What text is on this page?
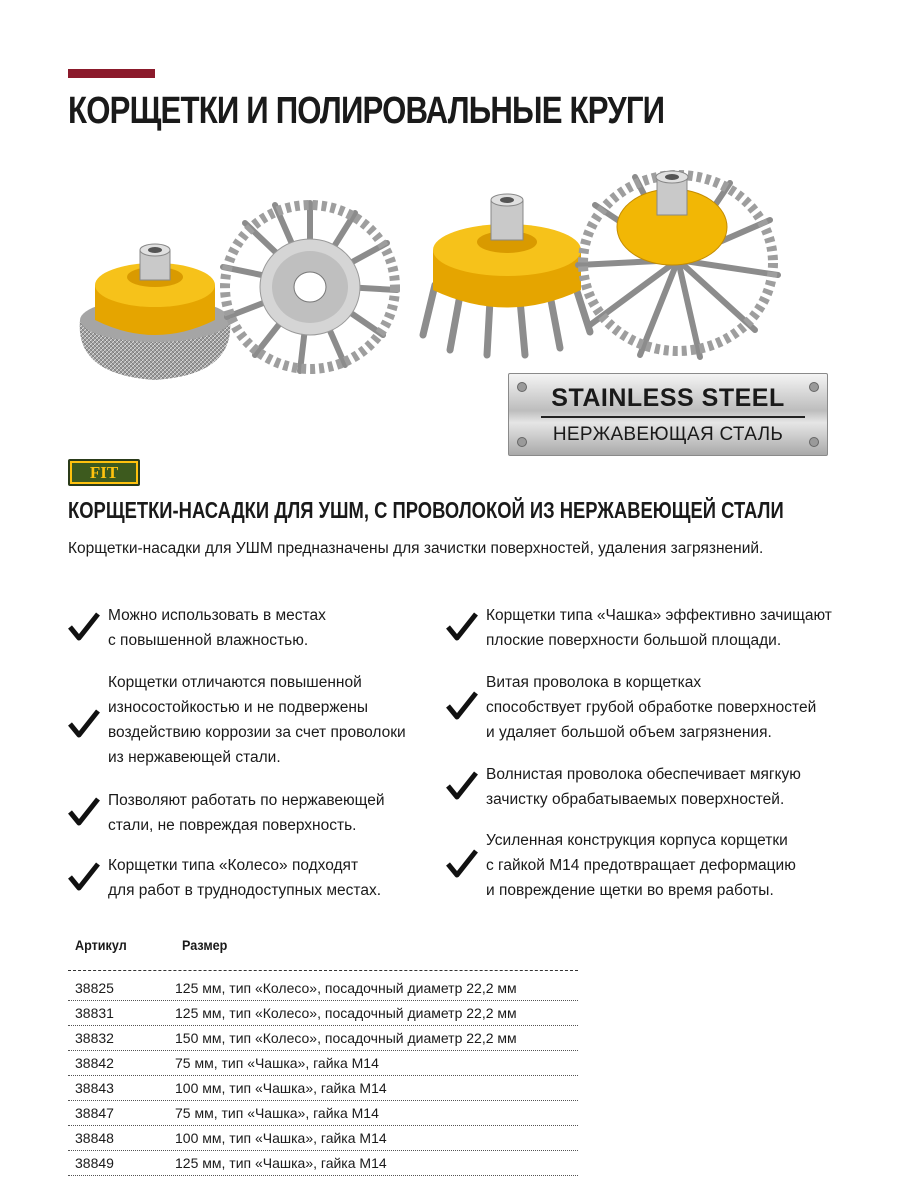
КОРЩЕТКИ И ПОЛИРОВАЛЬНЫЕ КРУГИ
STAINLESS STEEL
НЕРЖАВЕЮЩАЯ СТАЛЬ
FIT
КОРЩЕТКИ-НАСАДКИ ДЛЯ УШМ, С ПРОВОЛОКОЙ ИЗ НЕРЖАВЕЮЩЕЙ СТАЛИ
Корщетки-насадки для УШМ предназначены для зачистки поверхностей, удаления загрязнений.
Можно использовать в местах
с повышенной влажностью.
Корщетки отличаются повышенной
износостойкостью и не подвержены
воздействию коррозии за счет проволоки
из нержавеющей стали.
Позволяют работать по нержавеющей
стали, не повреждая поверхность.
Корщетки типа «Колесо» подходят
для работ в труднодоступных местах.
Корщетки типа «Чашка» эффективно зачищают
плоские поверхности большой площади.
Витая проволока в корщетках
способствует грубой обработке поверхностей
и удаляет большой объем загрязнения.
Волнистая проволока обеспечивает мягкую
зачистку обрабатываемых поверхностей.
Усиленная конструкция корпуса корщетки
с гайкой М14 предотвращает деформацию
и повреждение щетки во время работы.
Артикул	Размер
38825	125 мм, тип «Колесо», посадочный диаметр 22,2 мм
38831	125 мм, тип «Колесо», посадочный диаметр 22,2 мм
38832	150 мм, тип «Колесо», посадочный диаметр 22,2 мм
38842	75 мм, тип «Чашка», гайка М14
38843	100 мм, тип «Чашка», гайка М14
38847	75 мм, тип «Чашка», гайка М14
38848	100 мм, тип «Чашка», гайка М14
38849	125 мм, тип «Чашка», гайка М14
